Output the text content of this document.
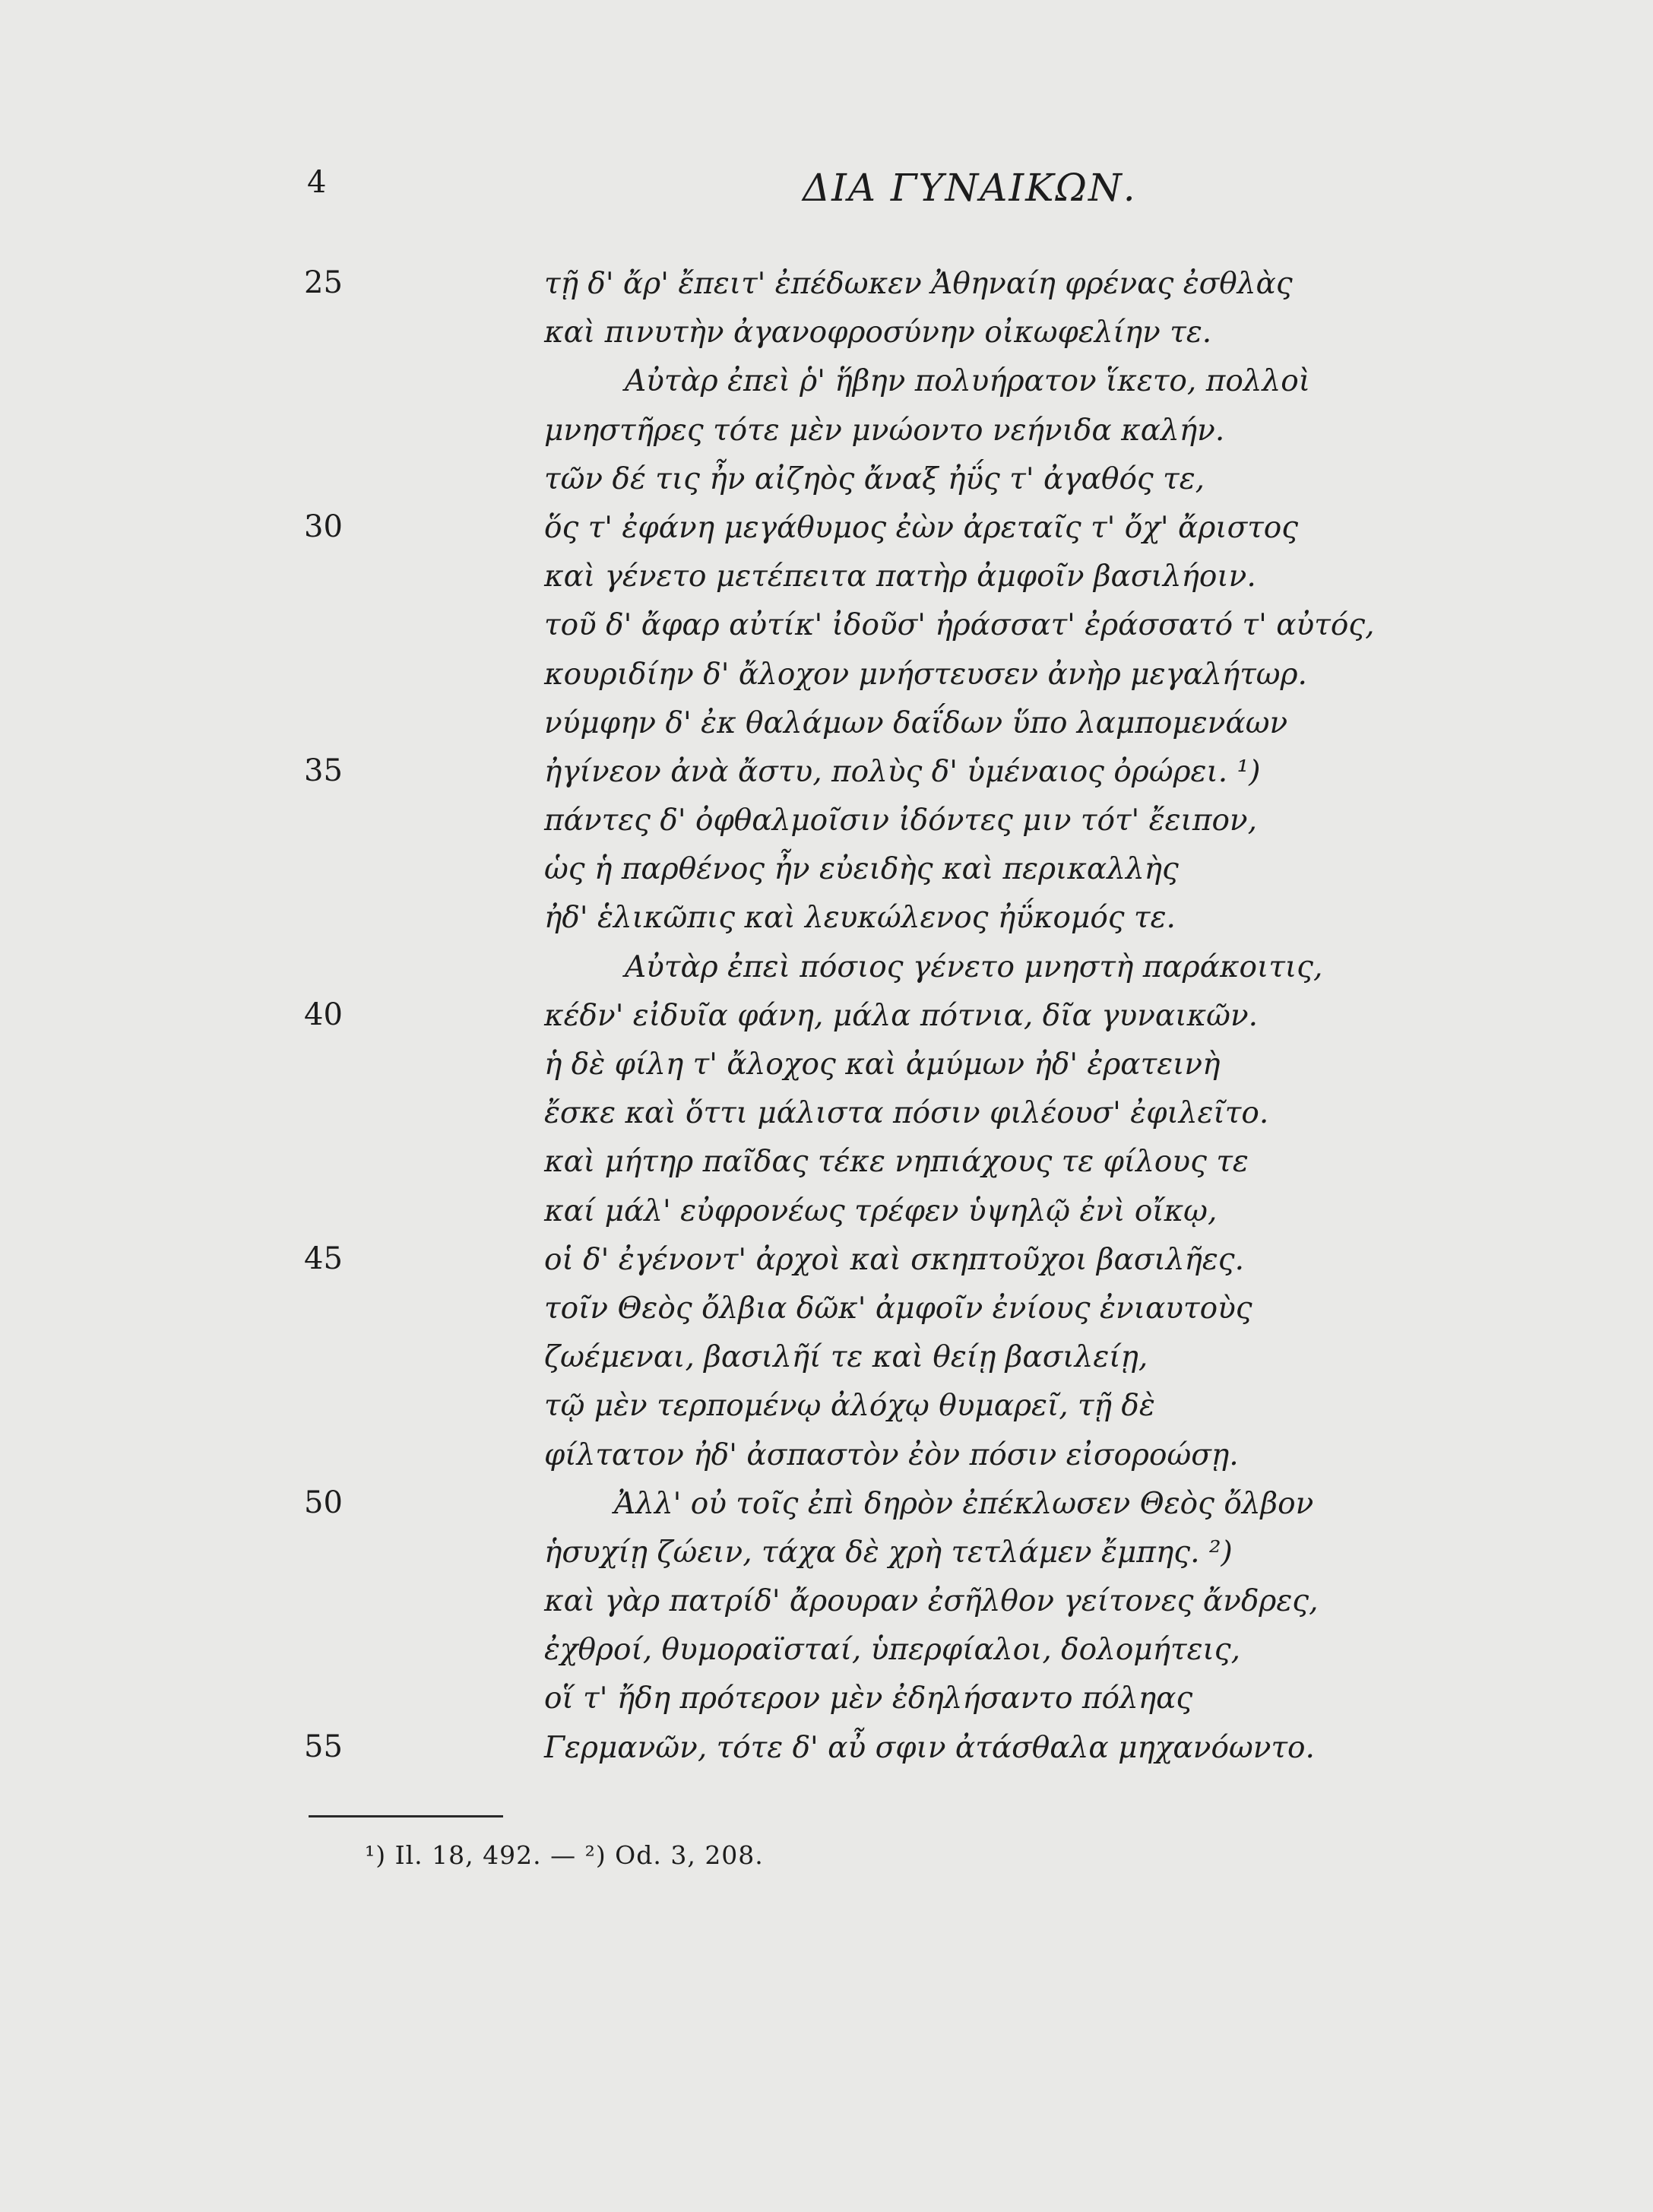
4	ΔΙΑ ΓΥΝΑΙΚΩΝ.
25	τῇ δ' ἄρ' ἔπειτ' ἐπέδωκεν Ἀθηναίη φρένας ἐσθλὰς
καὶ πινυτὴν ἀγανοφροσύνην οἰκωφελίην τε.
Αὐτὰρ ἐπεὶ ῥ' ἥβην πολυήρατον ἵκετο, πολλοὶ
μνηστῆρες τότε μὲν μνώοντο νεήνιδα καλήν.
τῶν δέ τις ἦν αἰζηὸς ἄναξ ἠΰς τ' ἀγαθός τε,
30	ὅς τ' ἐφάνη μεγάθυμος ἐὼν ἀρεταῖς τ' ὄχ' ἄριστος
καὶ γένετο μετέπειτα πατὴρ ἀμφοῖν βασιλήοιν.
τοῦ δ' ἄφαρ αὐτίκ' ἰδοῦσ' ἠράσσατ' ἐράσσατό τ' αὐτός,
κουριδίην δ' ἄλοχον μνήστευσεν ἀνὴρ μεγαλήτωρ.
νύμφην δ' ἐκ θαλάμων δαΐδων ὕπο λαμπομενάων
35	ἠγίνεον ἀνὰ ἄστυ, πολὺς δ' ὑμέναιος ὀρώρει. ¹)
πάντες δ' ὀφθαλμοῖσιν ἰδόντες μιν τότ' ἔειπον,
ὡς ἡ παρθένος ἦν εὐειδὴς καὶ περικαλλὴς
ἠδ' ἑλικῶπις καὶ λευκώλενος ἠΰκομός τε.
Αὐτὰρ ἐπεὶ πόσιος γένετο μνηστὴ παράκοιτις,
40	κέδν' εἰδυῖα φάνη, μάλα πότνια, δῖα γυναικῶν.
ἡ δὲ φίλη τ' ἄλοχος καὶ ἀμύμων ἠδ' ἐρατεινὴ
ἔσκε καὶ ὅττι μάλιστα πόσιν φιλέουσ' ἐφιλεῖτο.
καὶ μήτηρ παῖδας τέκε νηπιάχους τε φίλους τε
καί μάλ' εὐφρονέως τρέφεν ὑψηλῷ ἐνὶ οἴκῳ,
45	οἱ δ' ἐγένοντ' ἀρχοὶ καὶ σκηπτοῦχοι βασιλῆες.
τοῖν Θεὸς ὄλβια δῶκ' ἀμφοῖν ἐνίους ἐνιαυτοὺς
ζωέμεναι, βασιλῆί τε καὶ θείῃ βασιλείῃ,
τῷ μὲν τερπομένῳ ἀλόχῳ θυμαρεῖ, τῇ δὲ
φίλτατον ἠδ' ἀσπαστὸν ἐὸν πόσιν εἰσοροώσῃ.
50	Ἀλλ' οὐ τοῖς ἐπὶ δηρὸν ἐπέκλωσεν Θεὸς ὄλβον
ἡσυχίῃ ζώειν, τάχα δὲ χρὴ τετλάμεν ἔμπης. ²)
καὶ γὰρ πατρίδ' ἄρουραν ἐσῆλθον γείτονες ἄνδρες,
ἐχθροί, θυμοραϊσταί, ὑπερφίαλοι, δολομήτεις,
οἵ τ' ἤδη πρότερον μὲν ἐδηλήσαντο πόληας
55	Γερμανῶν, τότε δ' αὖ σφιν ἀτάσθαλα μηχανόωντο.
¹) Il. 18, 492. — ²) Od. 3, 208.
